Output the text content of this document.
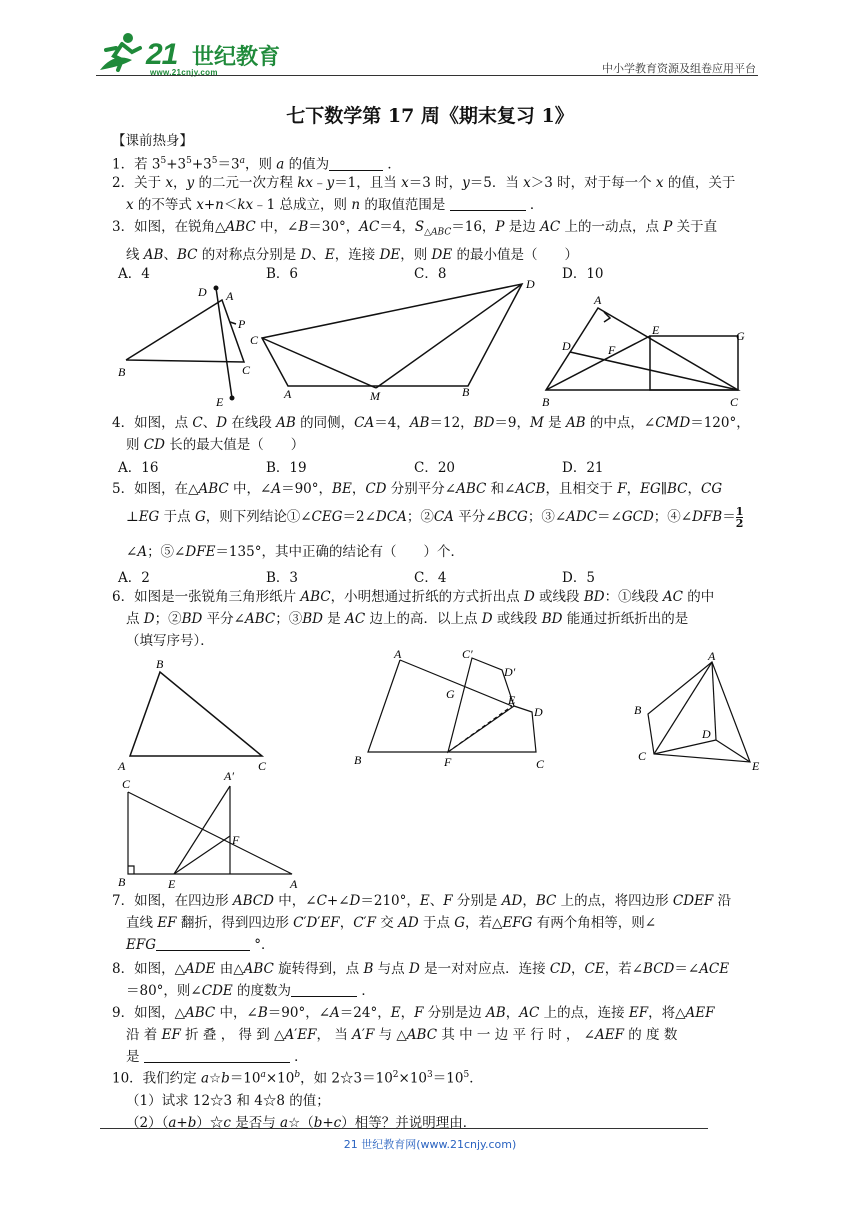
21 世纪教育
www.21cnjy.com	中小学教育资源及组卷应用平台
七下数学第 17 周《期末复习 1》
【课前热身】
1．若 $3^5+3^5+3^5=3^a$，则 a 的值为	．
2．关于 x，y 的二元一次方程 kx﹣y＝1，且当 x＝3 时，y＝5．当 x＞3 时，对于每一个 x 的值，关于
x 的不等式 x+n＜kx﹣1 总成立，则 n 的取值范围是	．
3．如图，在锐角△ABC 中，∠B＝30°，AC＝4，$S_{\triangle ABC}=16$，P 是边 AC 上的一动点，点 P 关于直
线 AB、BC 的对称点分别是 D、E，连接 DE，则 DE 的最小值是（　　）
A．4	B．6	C．8	D．10
D A
P
B	C
E
D
C
A	M	B
A
E	G
D	F
B	C
4．如图，点 C、D 在线段 AB 的同侧，CA＝4，AB＝12，BD＝9，M 是 AB 的中点，∠CMD＝120°，
则 CD 长的最大值是（　　）
A．16	B．19	C．20	D．21
5．如图，在△ABC 中，∠A＝90°，BE，CD 分别平分∠ABC 和∠ACB，且相交于 F，EG∥BC，CG
⊥EG 于点 G，则下列结论①∠CEG＝2∠DCA；②CA 平分∠BCG；③∠ADC＝∠GCD；④∠DFB＝ $\frac{1}{2}$
∠A；⑤∠DFE＝135°，其中正确的结论有（　　）个．
A．2	B．3	C．4	D．5
6．如图是一张锐角三角形纸片 ABC，小明想通过折纸的方式折出点 D 或线段 BD：①线段 AC 的中
点 D；②BD 平分∠ABC；③BD 是 AC 边上的高．以上点 D 或线段 BD 能通过折纸折出的是
（填写序号）．
B
A	C
A	C′
D′
G	E
D
B	F	C
A
B
D
C
E
C
A′
F
B	E	A
7．如图，在四边形 ABCD 中，∠C+∠D＝210°，E、F 分别是 AD，BC 上的点，将四边形 CDEF 沿
直线 EF 翻折，得到四边形 C′D′EF，C′F 交 AD 于点 G，若△EFG 有两个角相等，则∠
EFG	°．
8．如图，△ADE 由△ABC 旋转得到，点 B 与点 D 是一对对应点．连接 CD，CE，若∠BCD＝∠ACE
＝80°，则∠CDE 的度数为	．
9．如图，△ABC 中，∠B＝90°，∠A＝24°，E，F 分别是边 AB，AC 上的点，连接 EF，将△AEF
沿 着 EF 折 叠 ， 得 到 △A′EF， 当 A′F 与 △ABC 其 中 一 边 平 行 时 ， ∠AEF 的 度 数
是	．
10．我们约定 $a☆b=10^a\times 10^b$，如 $2☆3=10^2\times 10^3=10^5$．
（1）试求 12☆3 和 4☆8 的值；
（2）（a+b）☆c 是否与 a☆（b+c）相等？并说明理由．
21 世纪教育网(www.21cnjy.com)
